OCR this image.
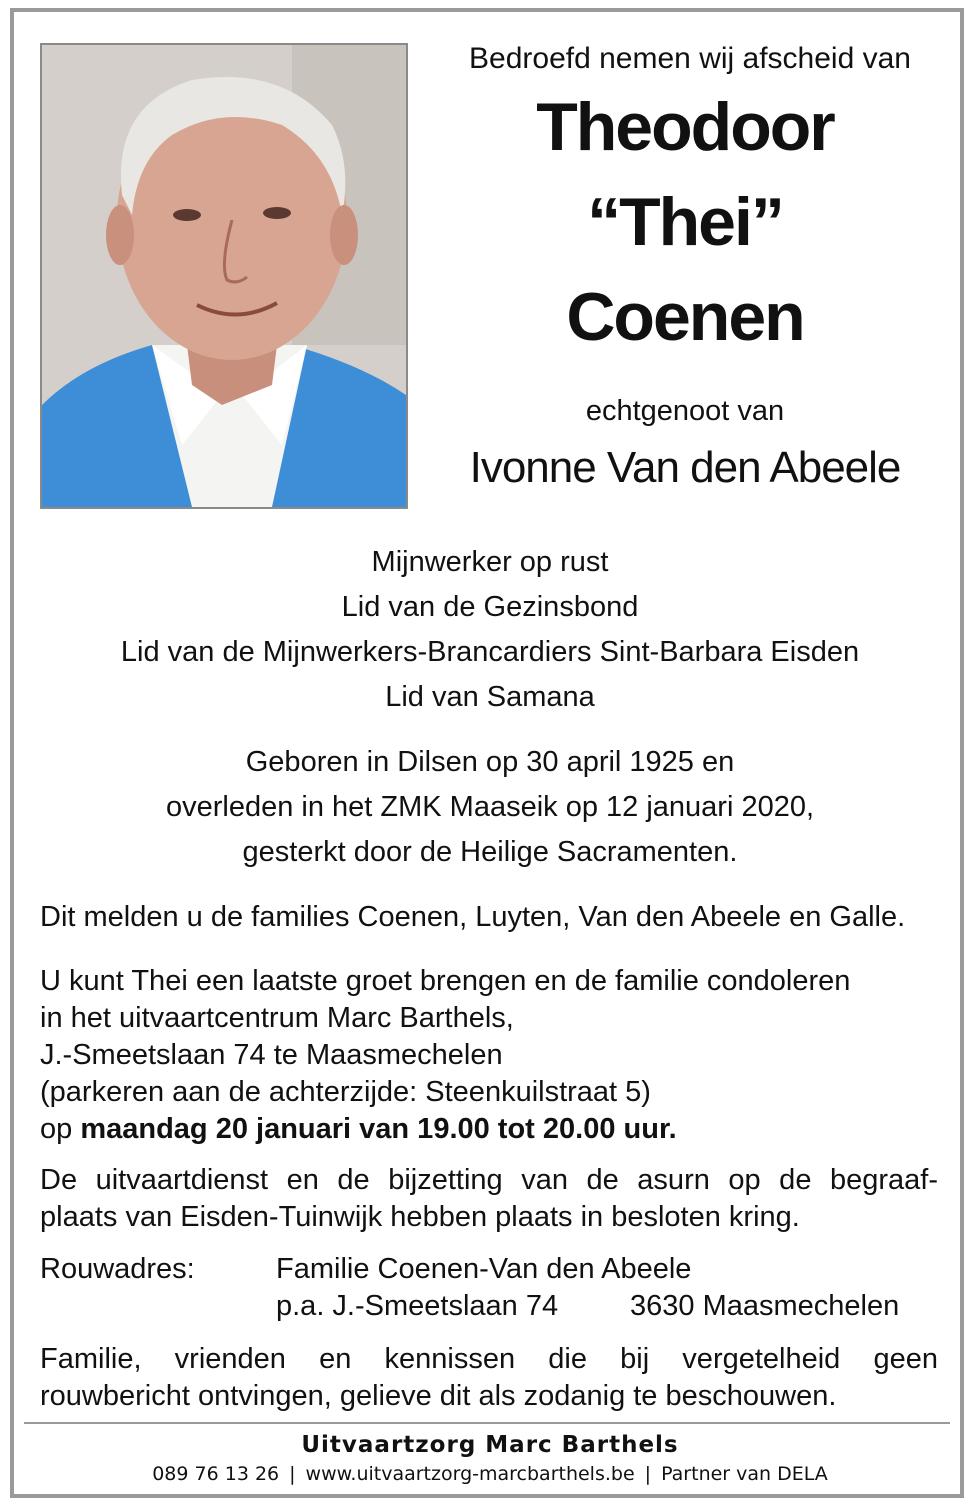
Bedroefd nemen wij afscheid van
Theodoor
“Thei”
Coenen
echtgenoot van
Ivonne Van den Abeele
Mijnwerker op rust
Lid van de Gezinsbond
Lid van de Mijnwerkers-Brancardiers Sint-Barbara Eisden
Lid van Samana
Geboren in Dilsen op 30 april 1925 en
overleden in het ZMK Maaseik op 12 januari 2020,
gesterkt door de Heilige Sacramenten.
Dit melden u de families Coenen, Luyten, Van den Abeele en Galle.
U kunt Thei een laatste groet brengen en de familie condoleren
in het uitvaartcentrum Marc Barthels,
J.-Smeetslaan 74 te Maasmechelen
(parkeren aan de achterzijde: Steenkuilstraat 5)
op maandag 20 januari van 19.00 tot 20.00 uur.
De uitvaartdienst en de bijzetting van de asurn op de begraaf-
plaats van Eisden-Tuinwijk hebben plaats in besloten kring.
Rouwadres:	Familie Coenen-Van den Abeele
p.a. J.-Smeetslaan 74 3630 Maasmechelen
Familie, vrienden en kennissen die bij vergetelheid geen
rouwbericht ontvingen, gelieve dit als zodanig te beschouwen.
Uitvaartzorg Marc Barthels
089 76 13 26 | www.uitvaartzorg-marcbarthels.be | Partner van DELA
